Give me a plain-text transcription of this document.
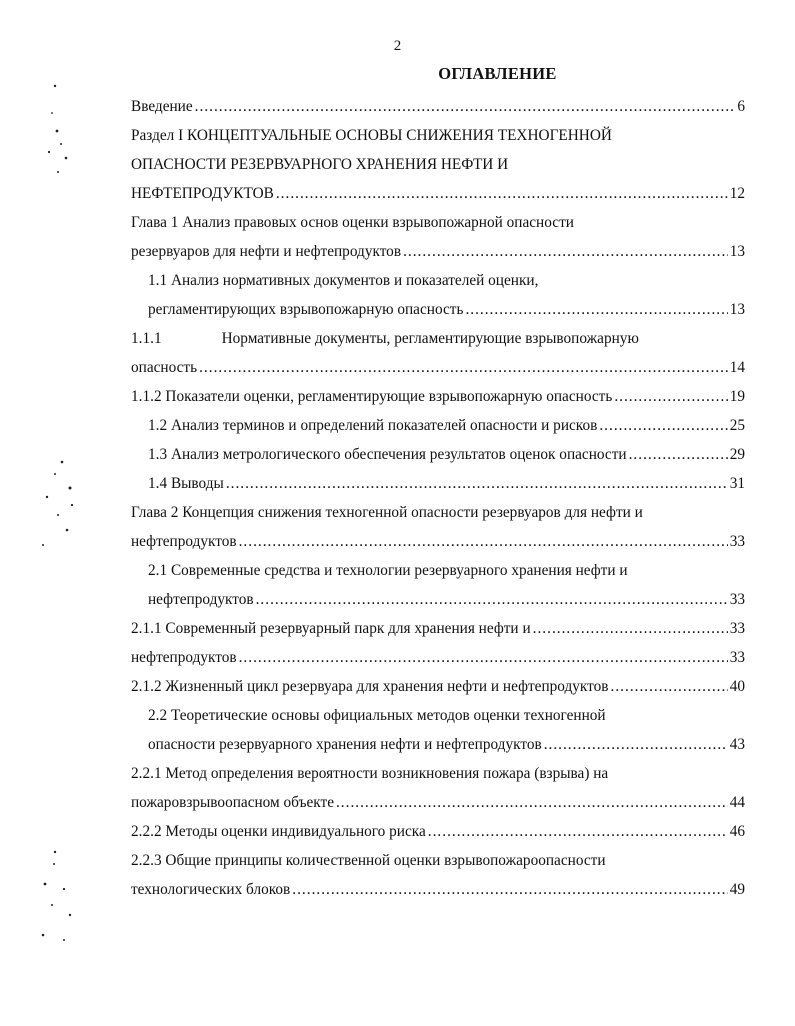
2
ОГЛАВЛЕНИЕ
Введение .....	6
Раздел I КОНЦЕПТУАЛЬНЫЕ ОСНОВЫ СНИЖЕНИЯ ТЕХНОГЕННОЙ
ОПАСНОСТИ РЕЗЕРВУАРНОГО ХРАНЕНИЯ НЕФТИ И
НЕФТЕПРОДУКТОВ .....	12
Глава 1 Анализ правовых основ оценки взрывопожарной опасности
резервуаров для нефти и нефтепродуктов .....	13
1.1 Анализ нормативных документов и показателей оценки,
регламентирующих взрывопожарную опасность .....	13
1.1.1	Нормативные документы, регламентирующие взрывопожарную
опасность .....	14
1.1.2 Показатели оценки, регламентирующие взрывопожарную опасность .....	19
1.2 Анализ терминов и определений показателей опасности и рисков .....	25
1.3 Анализ метрологического обеспечения результатов оценок опасности .....	29
1.4 Выводы .....	31
Глава 2 Концепция снижения техногенной опасности резервуаров для нефти и
нефтепродуктов .....	33
2.1 Современные средства и технологии резервуарного хранения нефти и
нефтепродуктов .....	33
2.1.1 Современный резервуарный парк для хранения нефти и .....	33
нефтепродуктов .....	33
2.1.2 Жизненный цикл резервуара для хранения нефти и нефтепродуктов .....	40
2.2 Теоретические основы официальных методов оценки техногенной
опасности резервуарного хранения нефти и нефтепродуктов .....	43
2.2.1 Метод определения вероятности возникновения пожара (взрыва) на
пожаровзрывоопасном объекте .....	44
2.2.2 Методы оценки индивидуального риска .....	46
2.2.3 Общие принципы количественной оценки взрывопожароопасности
технологических блоков .....	49
